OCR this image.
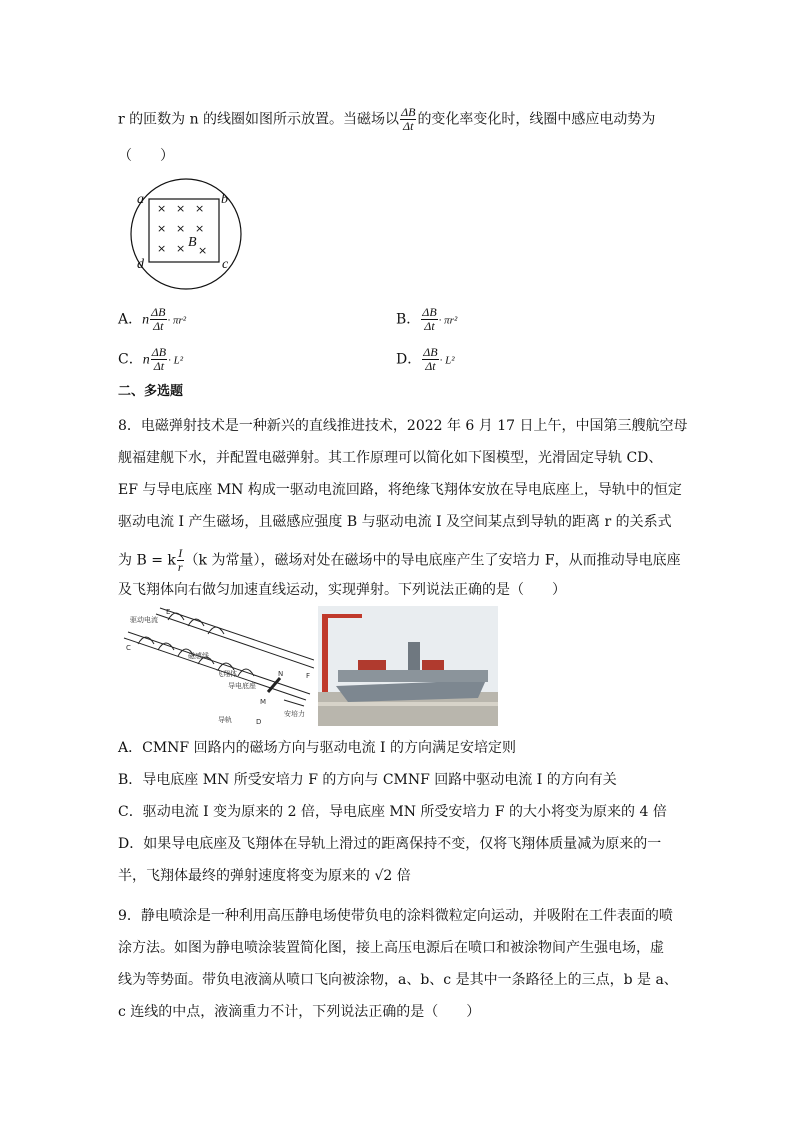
r 的匝数为 n 的线圈如图所示放置。当磁场以 $\frac{\Delta B}{\Delta t}$ 的变化率变化时，线圈中感应电动势为
（　　）
× × ×
× × ×
× × ×
a	b
c
d
B
A．n $\frac{\Delta B}{\Delta t} \cdot \pi r^2$	B． $\frac{\Delta B}{\Delta t} \cdot \pi r^2$
C．n $\frac{\Delta B}{\Delta t} \cdot L^2$	D． $\frac{\Delta B}{\Delta t} \cdot L^2$
二、多选题
8．电磁弹射技术是一种新兴的直线推进技术，2022 年 6 月 17 日上午，中国第三艘航空母
舰福建舰下水，并配置电磁弹射。其工作原理可以简化如下图模型，光滑固定导轨 CD、
EF 与导电底座 MN 构成一驱动电流回路，将绝缘飞翔体安放在导电底座上，导轨中的恒定
驱动电流 I 产生磁场，且磁感应强度 B 与驱动电流 I 及空间某点到导轨的距离 r 的关系式
为 B = k $\frac{I}{r} (k$ 为常量），磁场对处在磁场中的导电底座产生了安培力 F，从而推动导电底座
及飞翔体向右做匀加速直线运动，实现弹射。下列说法正确的是（　　）
驱动电流
磁感线
飞翔体
导电底座
安培力
导轨
C
D
E
F
M
N
A．CMNF 回路内的磁场方向与驱动电流 I 的方向满足安培定则
B．导电底座 MN 所受安培力 F 的方向与 CMNF 回路中驱动电流 I 的方向有关
C．驱动电流 I 变为原来的 2 倍，导电底座 MN 所受安培力 F 的大小将变为原来的 4 倍
D．如果导电底座及飞翔体在导轨上滑过的距离保持不变，仅将飞翔体质量减为原来的一
半，飞翔体最终的弹射速度将变为原来的 √2 倍
9．静电喷涂是一种利用高压静电场使带负电的涂料微粒定向运动，并吸附在工件表面的喷
涂方法。如图为静电喷涂装置简化图，接上高压电源后在喷口和被涂物间产生强电场，虚
线为等势面。带负电液滴从喷口飞向被涂物，a、b、c 是其中一条路径上的三点，b 是 a、
c 连线的中点，液滴重力不计，下列说法正确的是（　　）
